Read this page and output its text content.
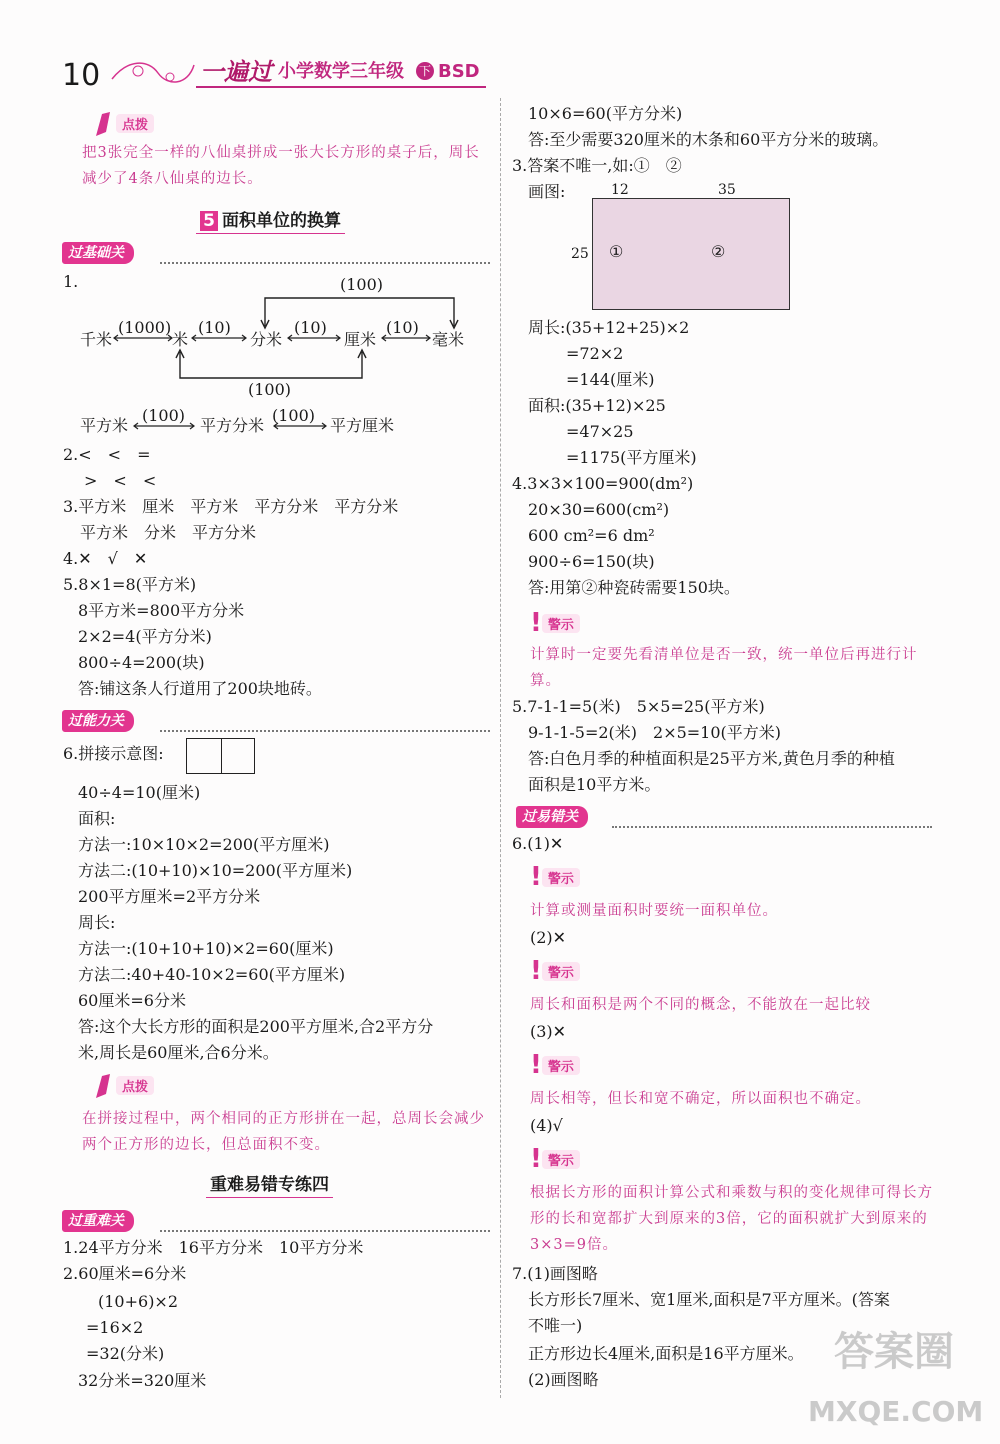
10	一遍过 小学数学三年级 下 BSD
点拨
把3张完全一样的八仙桌拼成一张大长方形的桌子后，周长减少了4条八仙桌的边长。
5 面积单位的换算
过基础关
1.	(100)
(100)
千米	米	分米	厘米	毫米
(1000) (10)	(10)	(10)
平方米	平方分米	平方厘米
(100)	(100)
2.<　<　=
>　<　<
3.平方米　厘米　平方米　平方分米　平方分米
平方米　分米　平方分米
4.✕　√　✕
5.8×1=8(平方米)
8平方米=800平方分米
2×2=4(平方分米)
800÷4=200(块)
答:铺这条人行道用了200块地砖。
过能力关
6.拼接示意图:
40÷4=10(厘米)
面积:
方法一:10×10×2=200(平方厘米)
方法二:(10+10)×10=200(平方厘米)
200平方厘米=2平方分米
周长:
方法一:(10+10+10)×2=60(厘米)
方法二:40+40-10×2=60(平方厘米)
60厘米=6分米
答:这个大长方形的面积是200平方厘米,合2平方分
米,周长是60厘米,合6分米。
点拨
在拼接过程中，两个相同的正方形拼在一起，总周长会减少两个正方形的边长，但总面积不变。
重难易错专练四
过重难关
1.24平方分米　16平方分米　10平方分米
2.60厘米=6分米
(10+6)×2
=16×2
=32(分米)
32分米=320厘米
10×6=60(平方分米)
答:至少需要320厘米的木条和60平方分米的玻璃。
3.答案不唯一,如:①　②
画图:	12	35
25 ①	②
周长:(35+12+25)×2
=72×2
=144(厘米)
面积:(35+12)×25
=47×25
=1175(平方厘米)
4.3×3×100=900(dm²)
20×30=600(cm²)
600 cm²=6 dm²
900÷6=150(块)
答:用第②种瓷砖需要150块。
! 警示
计算时一定要先看清单位是否一致，统一单位后再进行计算。
5.7-1-1=5(米)　5×5=25(平方米)
9-1-1-5=2(米)　2×5=10(平方米)
答:白色月季的种植面积是25平方米,黄色月季的种植
面积是10平方米。
过易错关
6.(1)✕
! 警示
计算或测量面积时要统一面积单位。
(2)✕
! 警示
周长和面积是两个不同的概念，不能放在一起比较
(3)✕
! 警示
周长相等，但长和宽不确定，所以面积也不确定。
(4)√
! 警示
根据长方形的面积计算公式和乘数与积的变化规律可得长方形的长和宽都扩大到原来的3倍，它的面积就扩大到原来的3×3=9倍。
7.(1)画图略
长方形长7厘米、宽1厘米,面积是7平方厘米。(答案
不唯一)
正方形边长4厘米,面积是16平方厘米。
(2)画图略
答案圈
MXQE.COM
